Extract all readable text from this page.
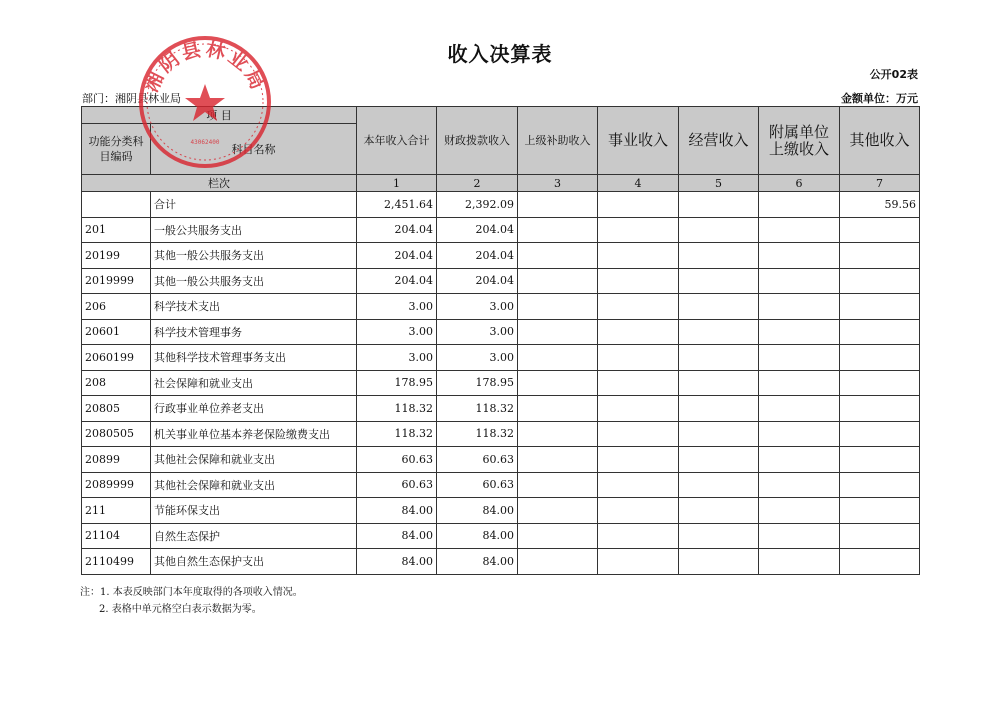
收入决算表
公开02表
部门：湘阴县林业局	金额单位：万元
项 目		本年收入合计	财政拨款收入	上级补助收入	事业收入	经营收入	附属单位上缴收入	其他收入
功能分类科目编码	科目名称							
栏次		1	2	3	4	5	6	7
	合计	2,451.64	2,392.09					59.56
201	一般公共服务支出	204.04	204.04					
20199	其他一般公共服务支出	204.04	204.04					
2019999	其他一般公共服务支出	204.04	204.04					
206	科学技术支出	3.00	3.00					
20601	科学技术管理事务	3.00	3.00					
2060199	其他科学技术管理事务支出	3.00	3.00					
208	社会保障和就业支出	178.95	178.95					
20805	行政事业单位养老支出	118.32	118.32					
2080505	机关事业单位基本养老保险缴费支出	118.32	118.32					
20899	其他社会保障和就业支出	60.63	60.63					
2089999	其他社会保障和就业支出	60.63	60.63					
211	节能环保支出	84.00	84.00					
21104	自然生态保护	84.00	84.00					
2110499	其他自然生态保护支出	84.00	84.00					
注：1. 本表反映部门本年度取得的各项收入情况。
2. 表格中单元格空白表示数据为零。
湘阴县林业局
43062400
